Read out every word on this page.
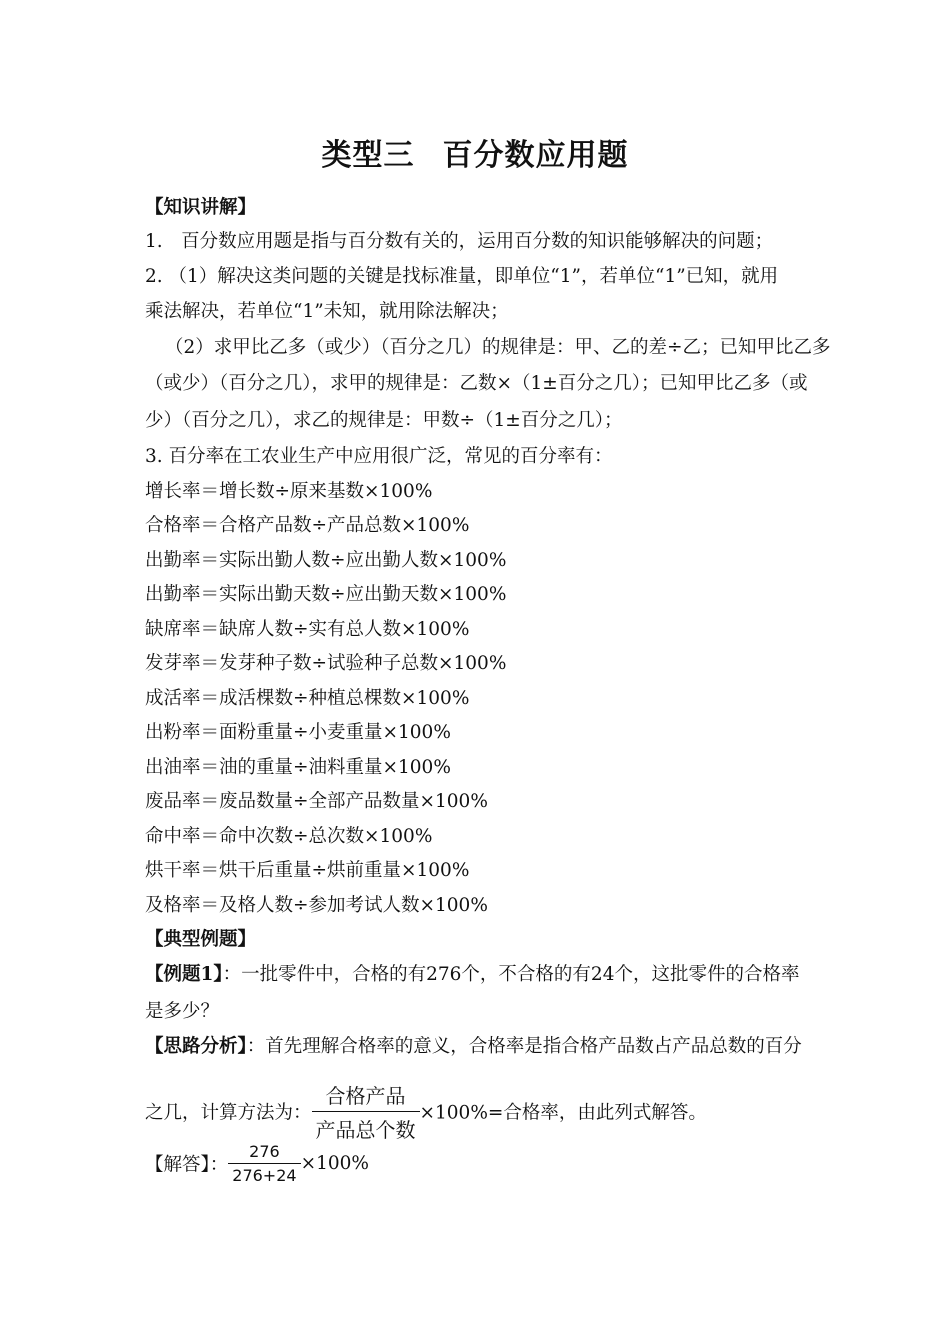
类型三 百分数应用题
【知识讲解】
1.　百分数应用题是指与百分数有关的，运用百分数的知识能够解决的问题；
2. （1）解决这类问题的关键是找标准量，即单位“1”，若单位“1”已知，就用
乘法解决，若单位“1”未知，就用除法解决；
（2）求甲比乙多（或少）（百分之几）的规律是：甲、乙的差÷乙；已知甲比乙多
（或少）（百分之几），求甲的规律是：乙数×（1±百分之几）；已知甲比乙多（或
少）（百分之几），求乙的规律是：甲数÷（1±百分之几）；
3. 百分率在工农业生产中应用很广泛，常见的百分率有：
增长率＝增长数÷原来基数×100%
合格率＝合格产品数÷产品总数×100%
出勤率＝实际出勤人数÷应出勤人数×100%
出勤率＝实际出勤天数÷应出勤天数×100%
缺席率＝缺席人数÷实有总人数×100%
发芽率＝发芽种子数÷试验种子总数×100%
成活率＝成活棵数÷种植总棵数×100%
出粉率＝面粉重量÷小麦重量×100%
出油率＝油的重量÷油料重量×100%
废品率＝废品数量÷全部产品数量×100%
命中率＝命中次数÷总次数×100%
烘干率＝烘干后重量÷烘前重量×100%
及格率＝及格人数÷参加考试人数×100%
【典型例题】
【例题1】：一批零件中，合格的有276个，不合格的有24个，这批零件的合格率
是多少？
【思路分析】：首先理解合格率的意义，合格率是指合格产品数占产品总数的百分
之几，计算方法为： $\frac{\text{合格产品}}{\text{产品总个数}} \times 100\%=$合格率，由此列式解答。
【解答】： $\frac{276}{276+24} \times 100\%$
